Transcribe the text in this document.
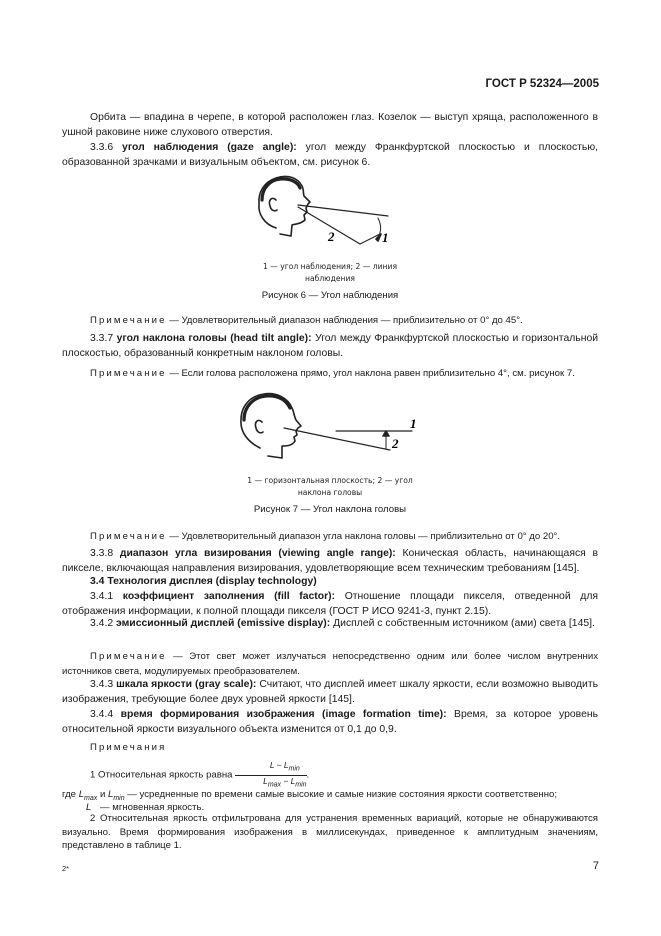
ГОСТ Р 52324—2005
Орбита — впадина в черепе, в которой расположен глаз. Козелок — выступ хряща, расположенного в ушной раковине ниже слухового отверстия.
3.3.6 угол наблюдения (gaze angle): угол между Франкфуртской плоскостью и плоскостью, образованной зрачками и визуальным объектом, см. рисунок 6.
1
2
1 — угол наблюдения; 2 — линия
наблюдения
Рисунок 6 — Угол наблюдения
Примечание — Удовлетворительный диапазон наблюдения — приблизительно от 0° до 45°.
3.3.7 угол наклона головы (head tilt angle): Угол между Франкфуртской плоскостью и горизонтальной плоскостью, образованный конкретным наклоном головы.
Примечание — Если голова расположена прямо, угол наклона равен приблизительно 4°, см. рисунок 7.
1
2
1 — горизонтальная плоскость; 2 — угол
наклона головы
Рисунок 7 — Угол наклона головы
Примечание — Удовлетворительный диапазон угла наклона головы — приблизительно от 0° до 20°.
3.3.8 диапазон угла визирования (viewing angle range): Коническая область, начинающаяся в пикселе, включающая направления визирования, удовлетворяющие всем техническим требованиям [145].
3.4 Технология дисплея (display technology)
3.4.1 коэффициент заполнения (fill factor): Отношение площади пикселя, отведенной для отображения информации, к полной площади пикселя (ГОСТ Р ИСО 9241-3, пункт 2.15).
3.4.2 эмиссионный дисплей (emissive display): Дисплей с собственным источником (ами) света [145].
Примечание — Этот свет может излучаться непосредственно одним или более числом внутренних источников света, модулируемых преобразователем.
3.4.3 шкала яркости (gray scale): Считают, что дисплей имеет шкалу яркости, если возможно выводить изображения, требующие более двух уровней яркости [145].
3.4.4 время формирования изображения (image formation time): Время, за которое уровень относительной яркости визуального объекта изменится от 0,1 до 0,9.
Примечания
1 Относительная яркость равна $\frac{L - L_{min}}{L_{max} - L_{min}}$ .
где $L_{max}$ и $L_{min}$ — усредненные по времени самые высокие и самые низкие состояния яркости соответственно;
L — мгновенная яркость.
2 Относительная яркость отфильтрована для устранения временных вариаций, которые не обнаруживаются визуально. Время формирования изображения в миллисекундах, приведенное к амплитудным значениям, представлено в таблице 1.
2*	7
